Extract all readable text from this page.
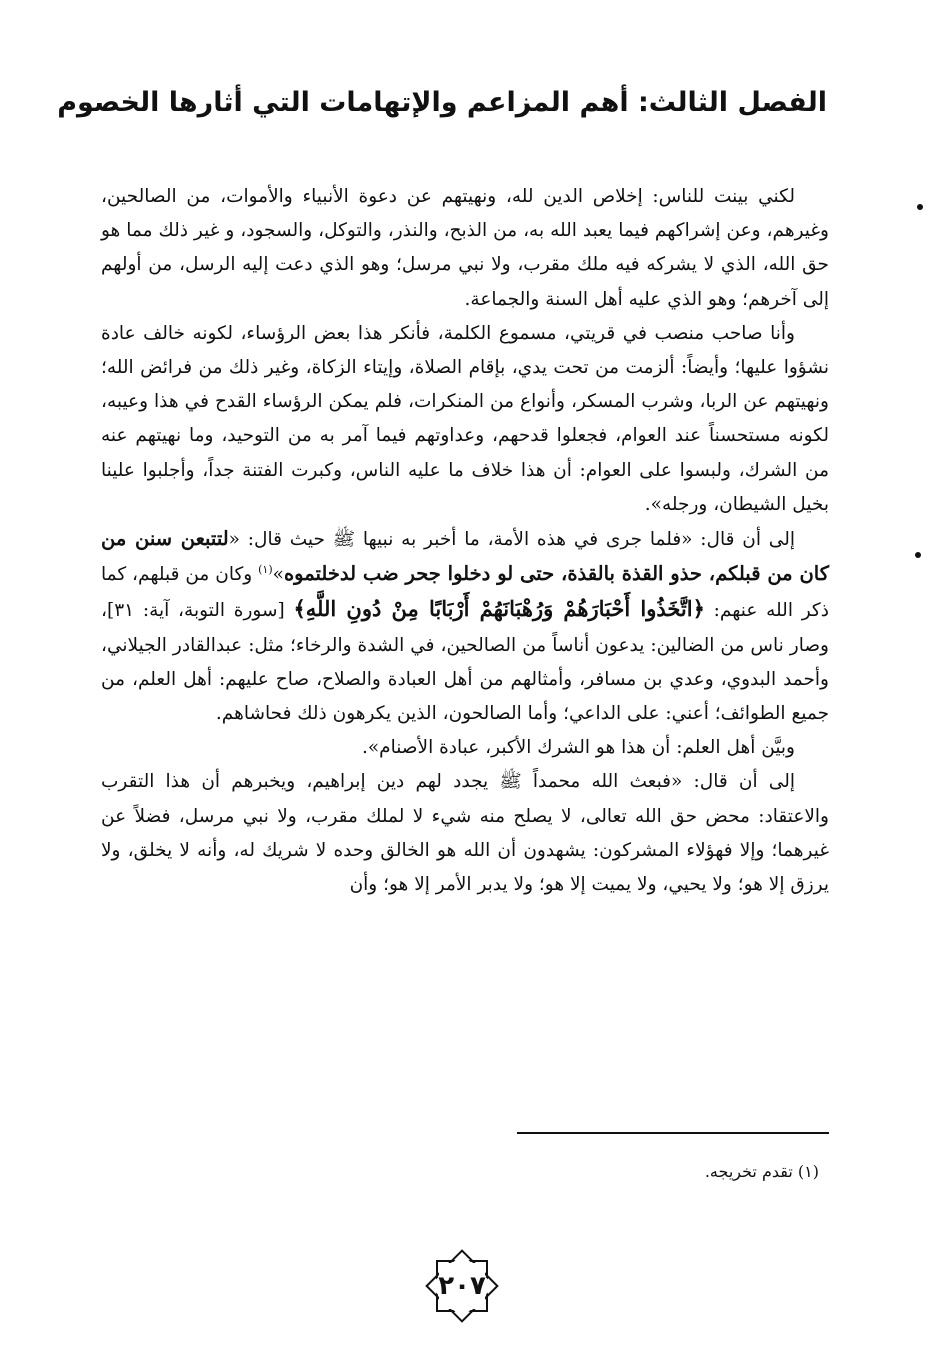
الفصل الثالث: أهم المزاعم والإتهامات التي أثارها الخصوم

لكني بينت للناس: إخلاص الدين لله، ونهيتهم عن دعوة الأنبياء والأموات، من الصالحين، وغيرهم، وعن إشراكهم فيما يعبد الله به، من الذبح، والنذر، والتوكل، والسجود، و غير ذلك مما هو حق الله، الذي لا يشركه فيه ملك مقرب، ولا نبي مرسل؛ وهو الذي دعت إليه الرسل، من أولهم إلى آخرهم؛ وهو الذي عليه أهل السنة والجماعة.

وأنا صاحب منصب في قريتي، مسموع الكلمة، فأنكر هذا بعض الرؤساء، لكونه خالف عادة نشؤوا عليها؛ وأيضاً: ألزمت من تحت يدي، بإقام الصلاة، وإيتاء الزكاة، وغير ذلك من فرائض الله؛ ونهيتهم عن الربا، وشرب المسكر، وأنواع من المنكرات، فلم يمكن الرؤساء القدح في هذا وعيبه، لكونه مستحسناً عند العوام، فجعلوا قدحهم، وعداوتهم فيما آمر به من التوحيد، وما نهيتهم عنه من الشرك، ولبسوا على العوام: أن هذا خلاف ما عليه الناس، وكبرت الفتنة جداً، وأجلبوا علينا بخيل الشيطان، ورجله».

إلى أن قال: «فلما جرى في هذه الأمة، ما أخبر به نبيها ﷺ حيث قال: «لتتبعن سنن من كان من قبلكم، حذو القذة بالقذة، حتى لو دخلوا جحر ضب لدخلتموه»$^{(١)}$ وكان من قبلهم، كما ذكر الله عنهم: ﴿اتَّخَذُوا أَحْبَارَهُمْ وَرُهْبَانَهُمْ أَرْبَابًا مِنْ دُونِ اللَّهِ﴾ [سورة التوبة، آية: ٣١]، وصار ناس من الضالين: يدعون أناساً من الصالحين، في الشدة والرخاء؛ مثل: عبدالقادر الجيلاني، وأحمد البدوي، وعدي بن مسافر، وأمثالهم من أهل العبادة والصلاح، صاح عليهم: أهل العلم، من جميع الطوائف؛ أعني: على الداعي؛ وأما الصالحون، الذين يكرهون ذلك فحاشاهم.

وبيَّن أهل العلم: أن هذا هو الشرك الأكبر، عبادة الأصنام».

إلى أن قال: «فبعث الله محمداً ﷺ يجدد لهم دين إبراهيم، ويخبرهم أن هذا التقرب والاعتقاد: محض حق الله تعالى، لا يصلح منه شيء لا لملك مقرب، ولا نبي مرسل، فضلاً عن غيرهما؛ وإلا فهؤلاء المشركون: يشهدون أن الله هو الخالق وحده لا شريك له، وأنه لا يخلق، ولا يرزق إلا هو؛ ولا يحيي، ولا يميت إلا هو؛ ولا يدبر الأمر إلا هو؛ وأن

(١) تقدم تخريجه.
٢٠٧
